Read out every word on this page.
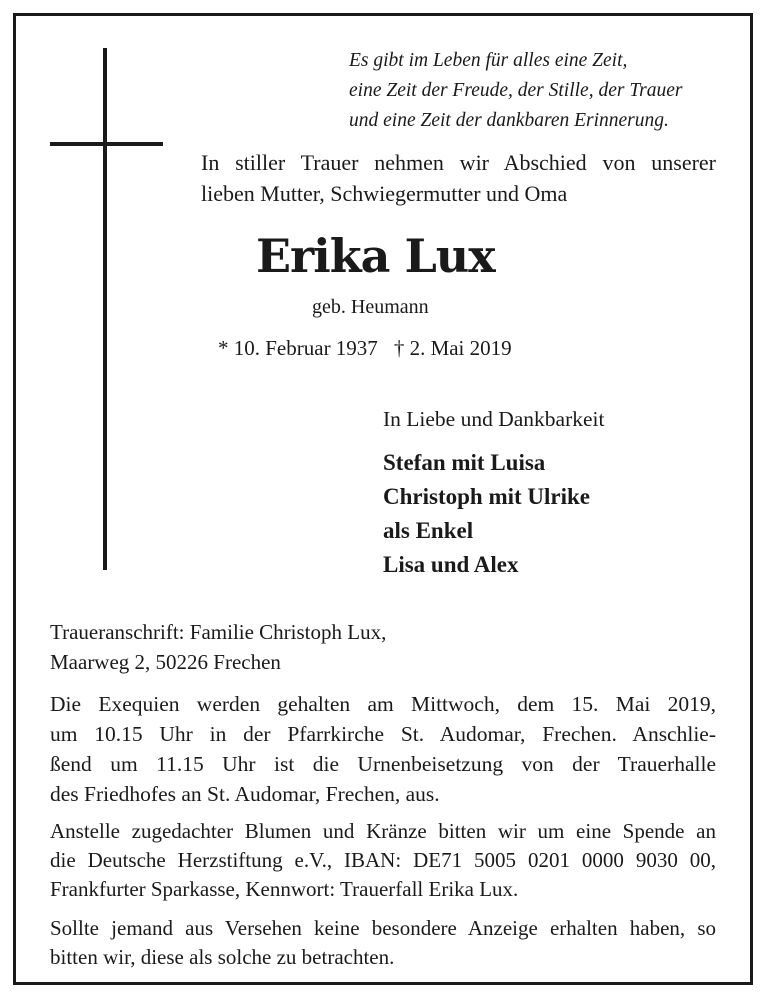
Es gibt im Leben für alles eine Zeit,
eine Zeit der Freude, der Stille, der Trauer
und eine Zeit der dankbaren Erinnerung.
In stiller Trauer nehmen wir Abschied von unserer
lieben Mutter, Schwiegermutter und Oma
Erika Lux
geb. Heumann
* 10. Februar 1937 † 2. Mai 2019
In Liebe und Dankbarkeit
Stefan mit Luisa
Christoph mit Ulrike
als Enkel
Lisa und Alex
Traueranschrift: Familie Christoph Lux,
Maarweg 2, 50226 Frechen
Die Exequien werden gehalten am Mittwoch, dem 15. Mai 2019,
um 10.15 Uhr in der Pfarrkirche St. Audomar, Frechen. Anschlie-
ßend um 11.15 Uhr ist die Urnenbeisetzung von der Trauerhalle
des Friedhofes an St. Audomar, Frechen, aus.
Anstelle zugedachter Blumen und Kränze bitten wir um eine Spende an
die Deutsche Herzstiftung e.V., IBAN: DE71 5005 0201 0000 9030 00,
Frankfurter Sparkasse, Kennwort: Trauerfall Erika Lux.
Sollte jemand aus Versehen keine besondere Anzeige erhalten haben, so
bitten wir, diese als solche zu betrachten.
